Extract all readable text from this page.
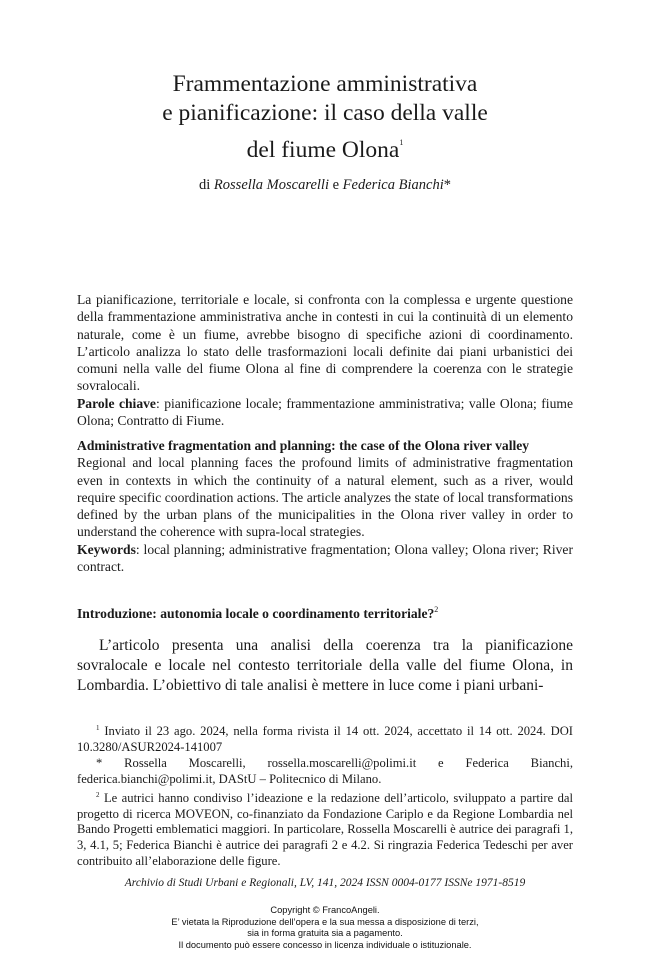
Frammentazione amministrativa
e pianificazione: il caso della valle
del fiume Olona$^1$
di Rossella Moscarelli e Federica Bianchi*
La pianificazione, territoriale e locale, si confronta con la complessa e urgente questione della frammentazione amministrativa anche in contesti in cui la continuità di un elemento naturale, come è un fiume, avrebbe bisogno di specifiche azioni di coordinamento. L’articolo analizza lo stato delle trasformazioni locali definite dai piani urbanistici dei comuni nella valle del fiume Olona al fine di comprendere la coerenza con le strategie sovralocali.
Parole chiave: pianificazione locale; frammentazione amministrativa; valle Olona; fiume Olona; Contratto di Fiume.
Administrative fragmentation and planning: the case of the Olona river valley
Regional and local planning faces the profound limits of administrative fragmentation even in contexts in which the continuity of a natural element, such as a river, would require specific coordination actions. The article analyzes the state of local transformations defined by the urban plans of the municipalities in the Olona river valley in order to understand the coherence with supra-local strategies.
Keywords: local planning; administrative fragmentation; Olona valley; Olona river; River contract.
Introduzione: autonomia locale o coordinamento territoriale?$^2$
L’articolo presenta una analisi della coerenza tra la pianificazione sovralocale e locale nel contesto territoriale della valle del fiume Olona, in Lombardia. L’obiettivo di tale analisi è mettere in luce come i piani urbani-

$^1$ Inviato il 23 ago. 2024, nella forma rivista il 14 ott. 2024, accettato il 14 ott. 2024. DOI 10.3280/ASUR2024-141007

* Rossella Moscarelli, rossella.moscarelli@polimi.it e Federica Bianchi, federica.bianchi@polimi.it, DAStU – Politecnico di Milano.

$^2$ Le autrici hanno condiviso l’ideazione e la redazione dell’articolo, sviluppato a partire dal progetto di ricerca MOVEON, co-finanziato da Fondazione Cariplo e da Regione Lombardia nel Bando Progetti emblematici maggiori. In particolare, Rossella Moscarelli è autrice dei paragrafi 1, 3, 4.1, 5; Federica Bianchi è autrice dei paragrafi 2 e 4.2. Si ringrazia Federica Tedeschi per aver contribuito all’elaborazione delle figure.

Archivio di Studi Urbani e Regionali, LV, 141, 2024 ISSN 0004-0177 ISSNe 1971-8519
Copyright © FrancoAngeli.
E’ vietata la Riproduzione dell’opera e la sua messa a disposizione di terzi,
sia in forma gratuita sia a pagamento.
Il documento può essere concesso in licenza individuale o istituzionale.
